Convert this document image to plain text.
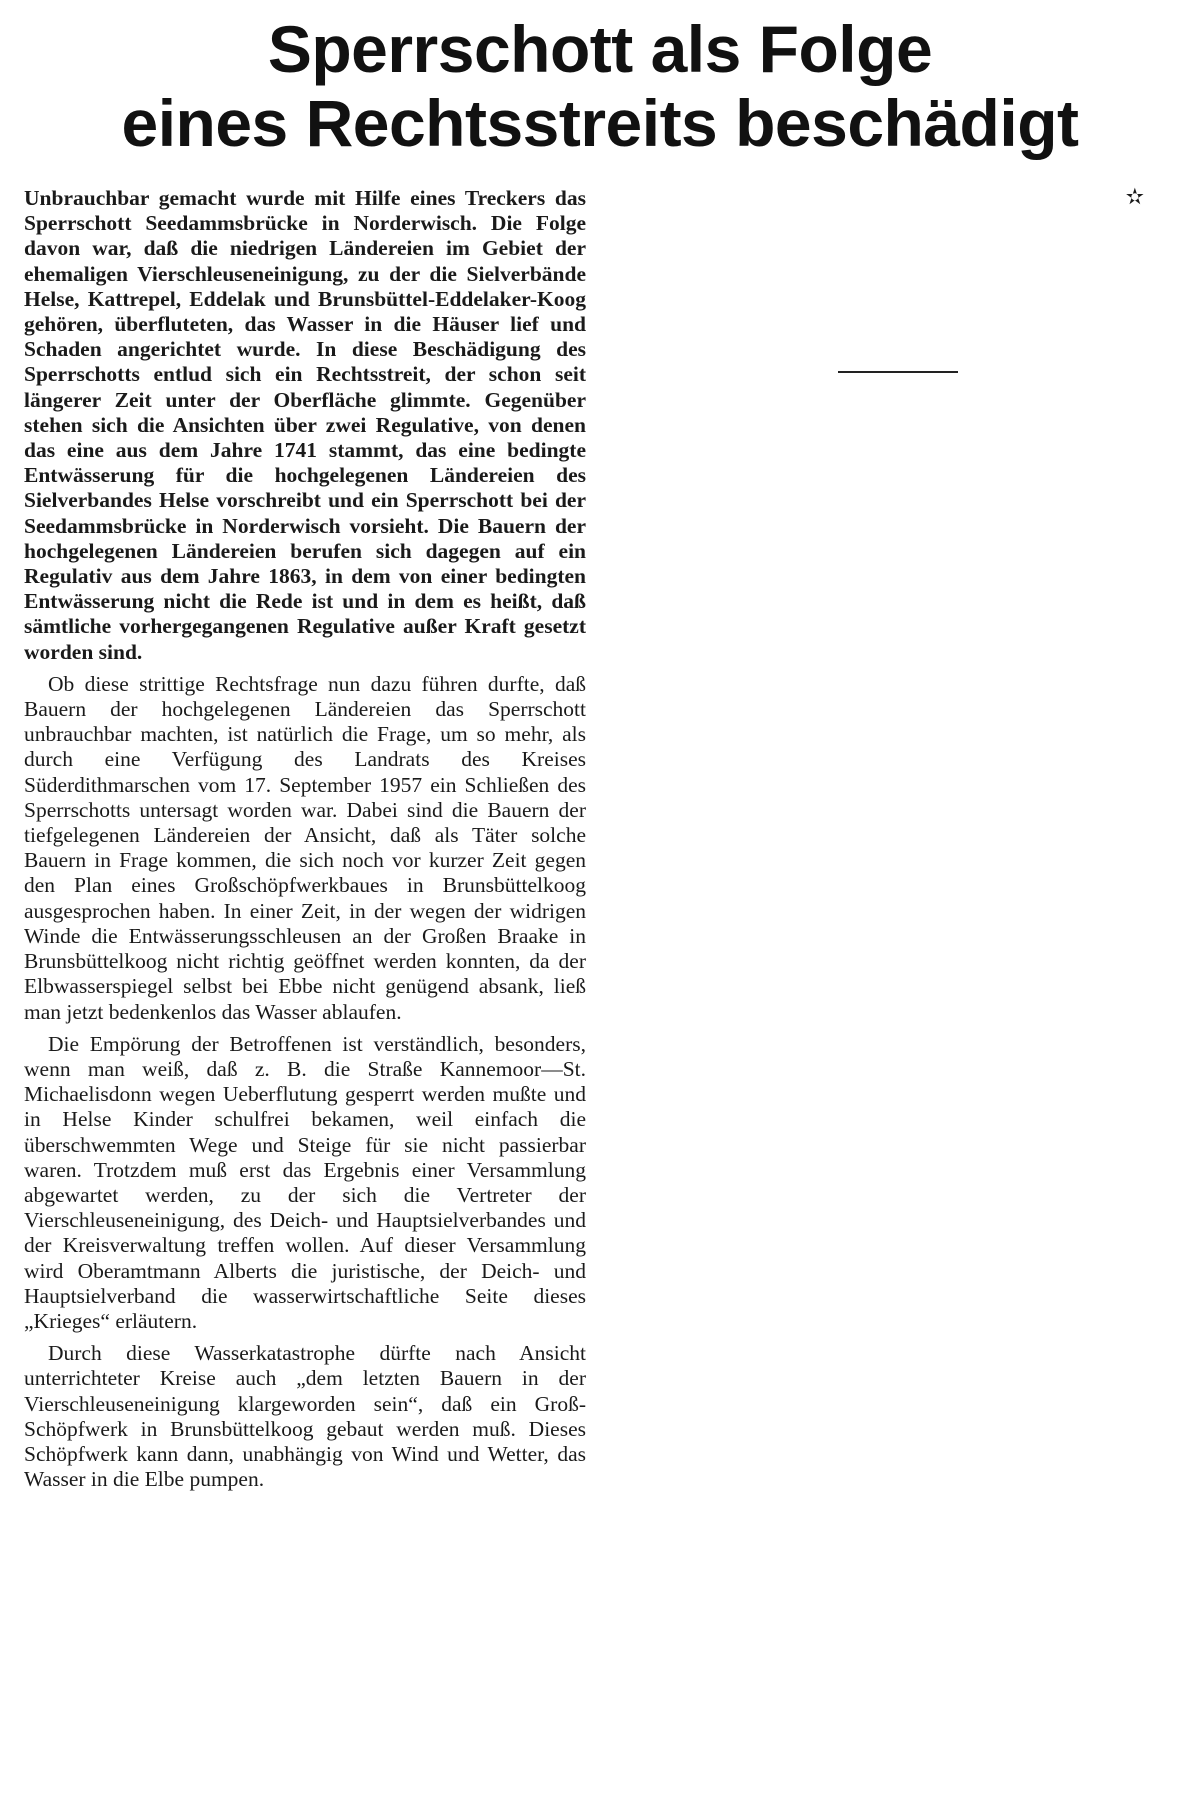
Sperrschott als Folge
eines Rechtsstreits beschädigt

Unbrauchbar gemacht wurde mit Hilfe eines Treckers das Sperrschott Seedammsbrücke in Norderwisch. Die Folge davon war, daß die niedrigen Ländereien im Gebiet der ehemaligen Vierschleuseneinigung, zu der die Sielverbände Helse, Kattrepel, Eddelak und Brunsbüttel-Eddelaker-Koog gehören, überfluteten, das Wasser in die Häuser lief und Schaden angerichtet wurde. In diese Beschädigung des Sperrschotts entlud sich ein Rechtsstreit, der schon seit längerer Zeit unter der Oberfläche glimmte. Gegenüber stehen sich die Ansichten über zwei Regulative, von denen das eine aus dem Jahre 1741 stammt, das eine bedingte Entwässerung für die hochgelegenen Ländereien des Sielverbandes Helse vorschreibt und ein Sperrschott bei der Seedammsbrücke in Norderwisch vorsieht. Die Bauern der hochgelegenen Ländereien berufen sich dagegen auf ein Regulativ aus dem Jahre 1863, in dem von einer bedingten Entwässerung nicht die Rede ist und in dem es heißt, daß sämtliche vorhergegangenen Regulative außer Kraft gesetzt worden sind.

Ob diese strittige Rechtsfrage nun dazu führen durfte, daß Bauern der hochgelegenen Ländereien das Sperrschott unbrauchbar machten, ist natürlich die Frage, um so mehr, als durch eine Verfügung des Landrats des Kreises Süderdithmarschen vom 17. September 1957 ein Schließen des Sperrschotts untersagt worden war. Dabei sind die Bauern der tiefgelegenen Ländereien der Ansicht, daß als Täter solche Bauern in Frage kommen, die sich noch vor kurzer Zeit gegen den Plan eines Großschöpfwerkbaues in Brunsbüttelkoog ausgesprochen haben. In einer Zeit, in der wegen der widrigen Winde die Entwässerungsschleusen an der Großen Braake in Brunsbüttelkoog nicht richtig geöffnet werden konnten, da der Elbwasserspiegel selbst bei Ebbe nicht genügend absank, ließ man jetzt bedenkenlos das Wasser ablaufen.

Die Empörung der Betroffenen ist verständlich, besonders, wenn man weiß, daß z. B. die Straße Kannemoor—St. Michaelisdonn wegen Ueberflutung gesperrt werden mußte und in Helse Kinder schulfrei bekamen, weil einfach die überschwemmten Wege und Steige für sie nicht passierbar waren. Trotzdem muß erst das Ergebnis einer Versammlung abgewartet werden, zu der sich die Vertreter der Vierschleuseneinigung, des Deich- und Hauptsielverbandes und der Kreisverwaltung treffen wollen. Auf dieser Versammlung wird Oberamtmann Alberts die juristische, der Deich- und Hauptsielverband die wasserwirtschaftliche Seite dieses „Krieges“ erläutern.

Durch diese Wasserkatastrophe dürfte nach Ansicht unterrichteter Kreise auch „dem letzten Bauern in der Vierschleuseneinigung klargeworden sein“, daß ein Groß-Schöpfwerk in Brunsbüttelkoog gebaut werden muß. Dieses Schöpfwerk kann dann, unabhängig von Wind und Wetter, das Wasser in die Elbe pumpen.

✫
